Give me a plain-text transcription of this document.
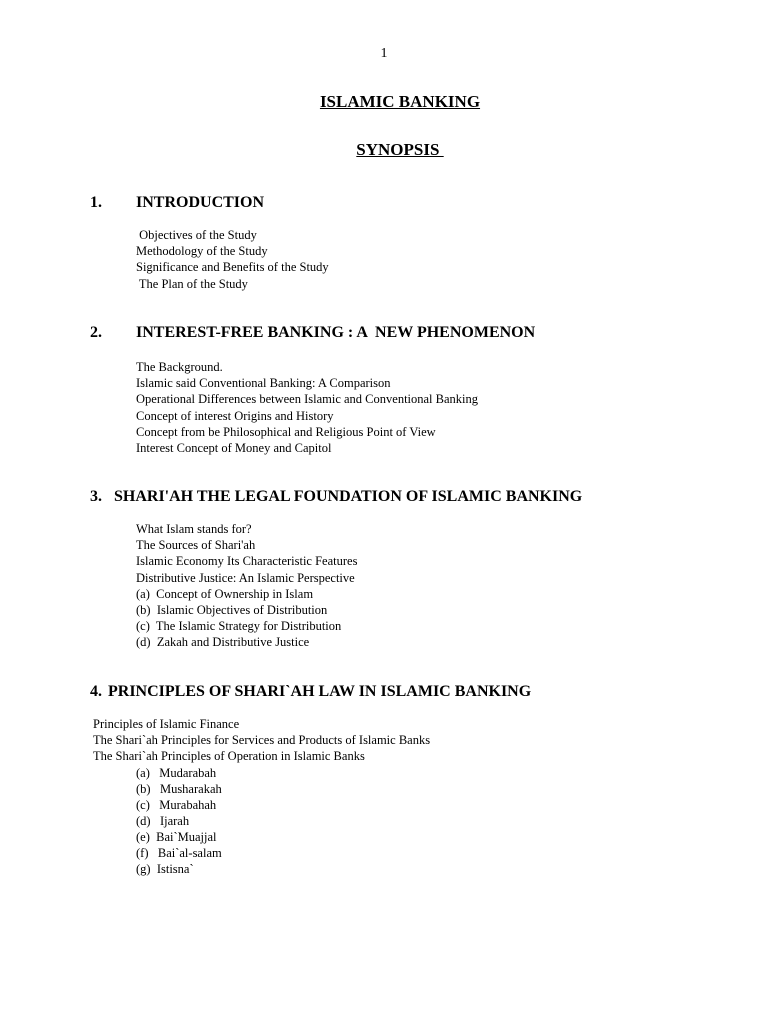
1
ISLAMIC BANKING
SYNOPSIS

1.

INTRODUCTION

Objectives of the Study
Methodology of the Study
Significance and Benefits of the Study
The Plan of the Study

2.

INTEREST-FREE BANKING : A  NEW PHENOMENON

The Background.
Islamic said Conventional Banking: A Comparison
Operational Differences between Islamic and Conventional Banking
Concept of interest Origins and History
Concept from be Philosophical and Religious Point of View
Interest Concept of Money and Capitol

3.

SHARI'AH THE LEGAL FOUNDATION OF ISLAMIC BANKING

What Islam stands for?
The Sources of Shari'ah
Islamic Economy Its Characteristic Features
Distributive Justice: An Islamic Perspective
(a)  Concept of Ownership in Islam
(b)  Islamic Objectives of Distribution
(c)  The Islamic Strategy for Distribution
(d)  Zakah and Distributive Justice

4.

PRINCIPLES OF SHARI`AH LAW IN ISLAMIC BANKING

Principles of Islamic Finance
The Shari`ah Principles for Services and Products of Islamic Banks
The Shari`ah Principles of Operation in Islamic Banks
(a)   Mudarabah
(b)   Musharakah
(c)   Murabahah
(d)   Ijarah
(e)  Bai`Muajjal
(f)   Bai`al-salam
(g)  Istisna`
